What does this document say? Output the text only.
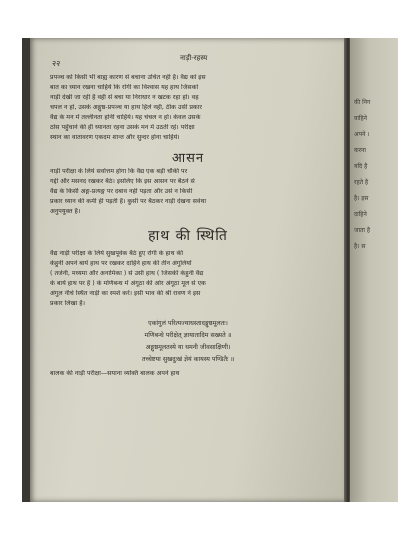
२२
नाड़ी-रहस्य
प्रपञ्च को किसी भी बाह्य कारण से बचाना उचित नहीं है। वैद्य को इस
बात का ध्यान रखना चाहिये कि रोगी का विश्वास यह हाथ जिसको
नाड़ी देखी जा रही है वहीं से बचा या निराधार न खटक रहा हो। वह
चपल न हो, उसके अङ्गुष्ठ-प्रपञ्च या हाथ हिले नहीं, ठीक उसी प्रकार
वैद्य के मन में तल्लीनता होनी चाहिये। यह चंचल न हो। केवल उसके
ठोस पहुँचाने की ही ध्यानता रहना उसके मन में उठती रहे। परीक्षा
स्थान का वातावरण एकदम शान्त और सुन्दर होना चाहिये।
आसन
नाड़ी परीक्षा के लिये सर्वोत्तम होगा कि वैद्य एक बड़ी चौकी पर
गद्दी और मसनद रखकर बैठे। इसलिए कि इस आसन पर बैठने से
वैद्य के किसी अङ्ग-प्रत्यङ्ग पर दबाव नहीं पड़ता और उसे न किसी
प्रकार ध्यान की कमी ही पड़ती है। कुर्सी पर बैठकर नाड़ी देखना सर्वथा
अनुपयुक्त है।
हाथ की स्थिति
वैद्य नाड़ी परीक्षा के लिये सुखपूर्वक बैठे हुए रोगी के हाथ की
केहुनी अपने बायें हाथ पर रखकर दाहिने हाथ की तीन अंगुलियों
( तर्जनी, मध्यमा और अनामिका ) से उसी हाथ ( जिसकी केहुनी वैद्य
के बायें हाथ पर है ) के मणिबन्ध में अंगूठा की ओर अंगूठा मूल से एक
अंगुल नीचे स्थित नाड़ी का स्पर्श करें। इसी भाव की श्री रावण ने इस
प्रकार लिखा है।
एकांगुलं परित्यज्याधस्तादङ्गुष्ठमूलतः।
मणिबन्धे परीक्षेत्‌ ज्ञायातादिम सख्यते ॥
अङ्गुष्ठमूलतस्ये या धमनी जीवसाक्षिणी।
तच्चेष्टया सुखदुःखं ज्ञेयं कायस्य पण्डितैः ॥
बालक की नाड़ी परीक्षा—सयाना व्यक्ति बालक अपने हाथ
की निग
वाहिने
अपने ।
करना
यदि है
रहते है
है। इस
दाहिने
जाता है
है। स
